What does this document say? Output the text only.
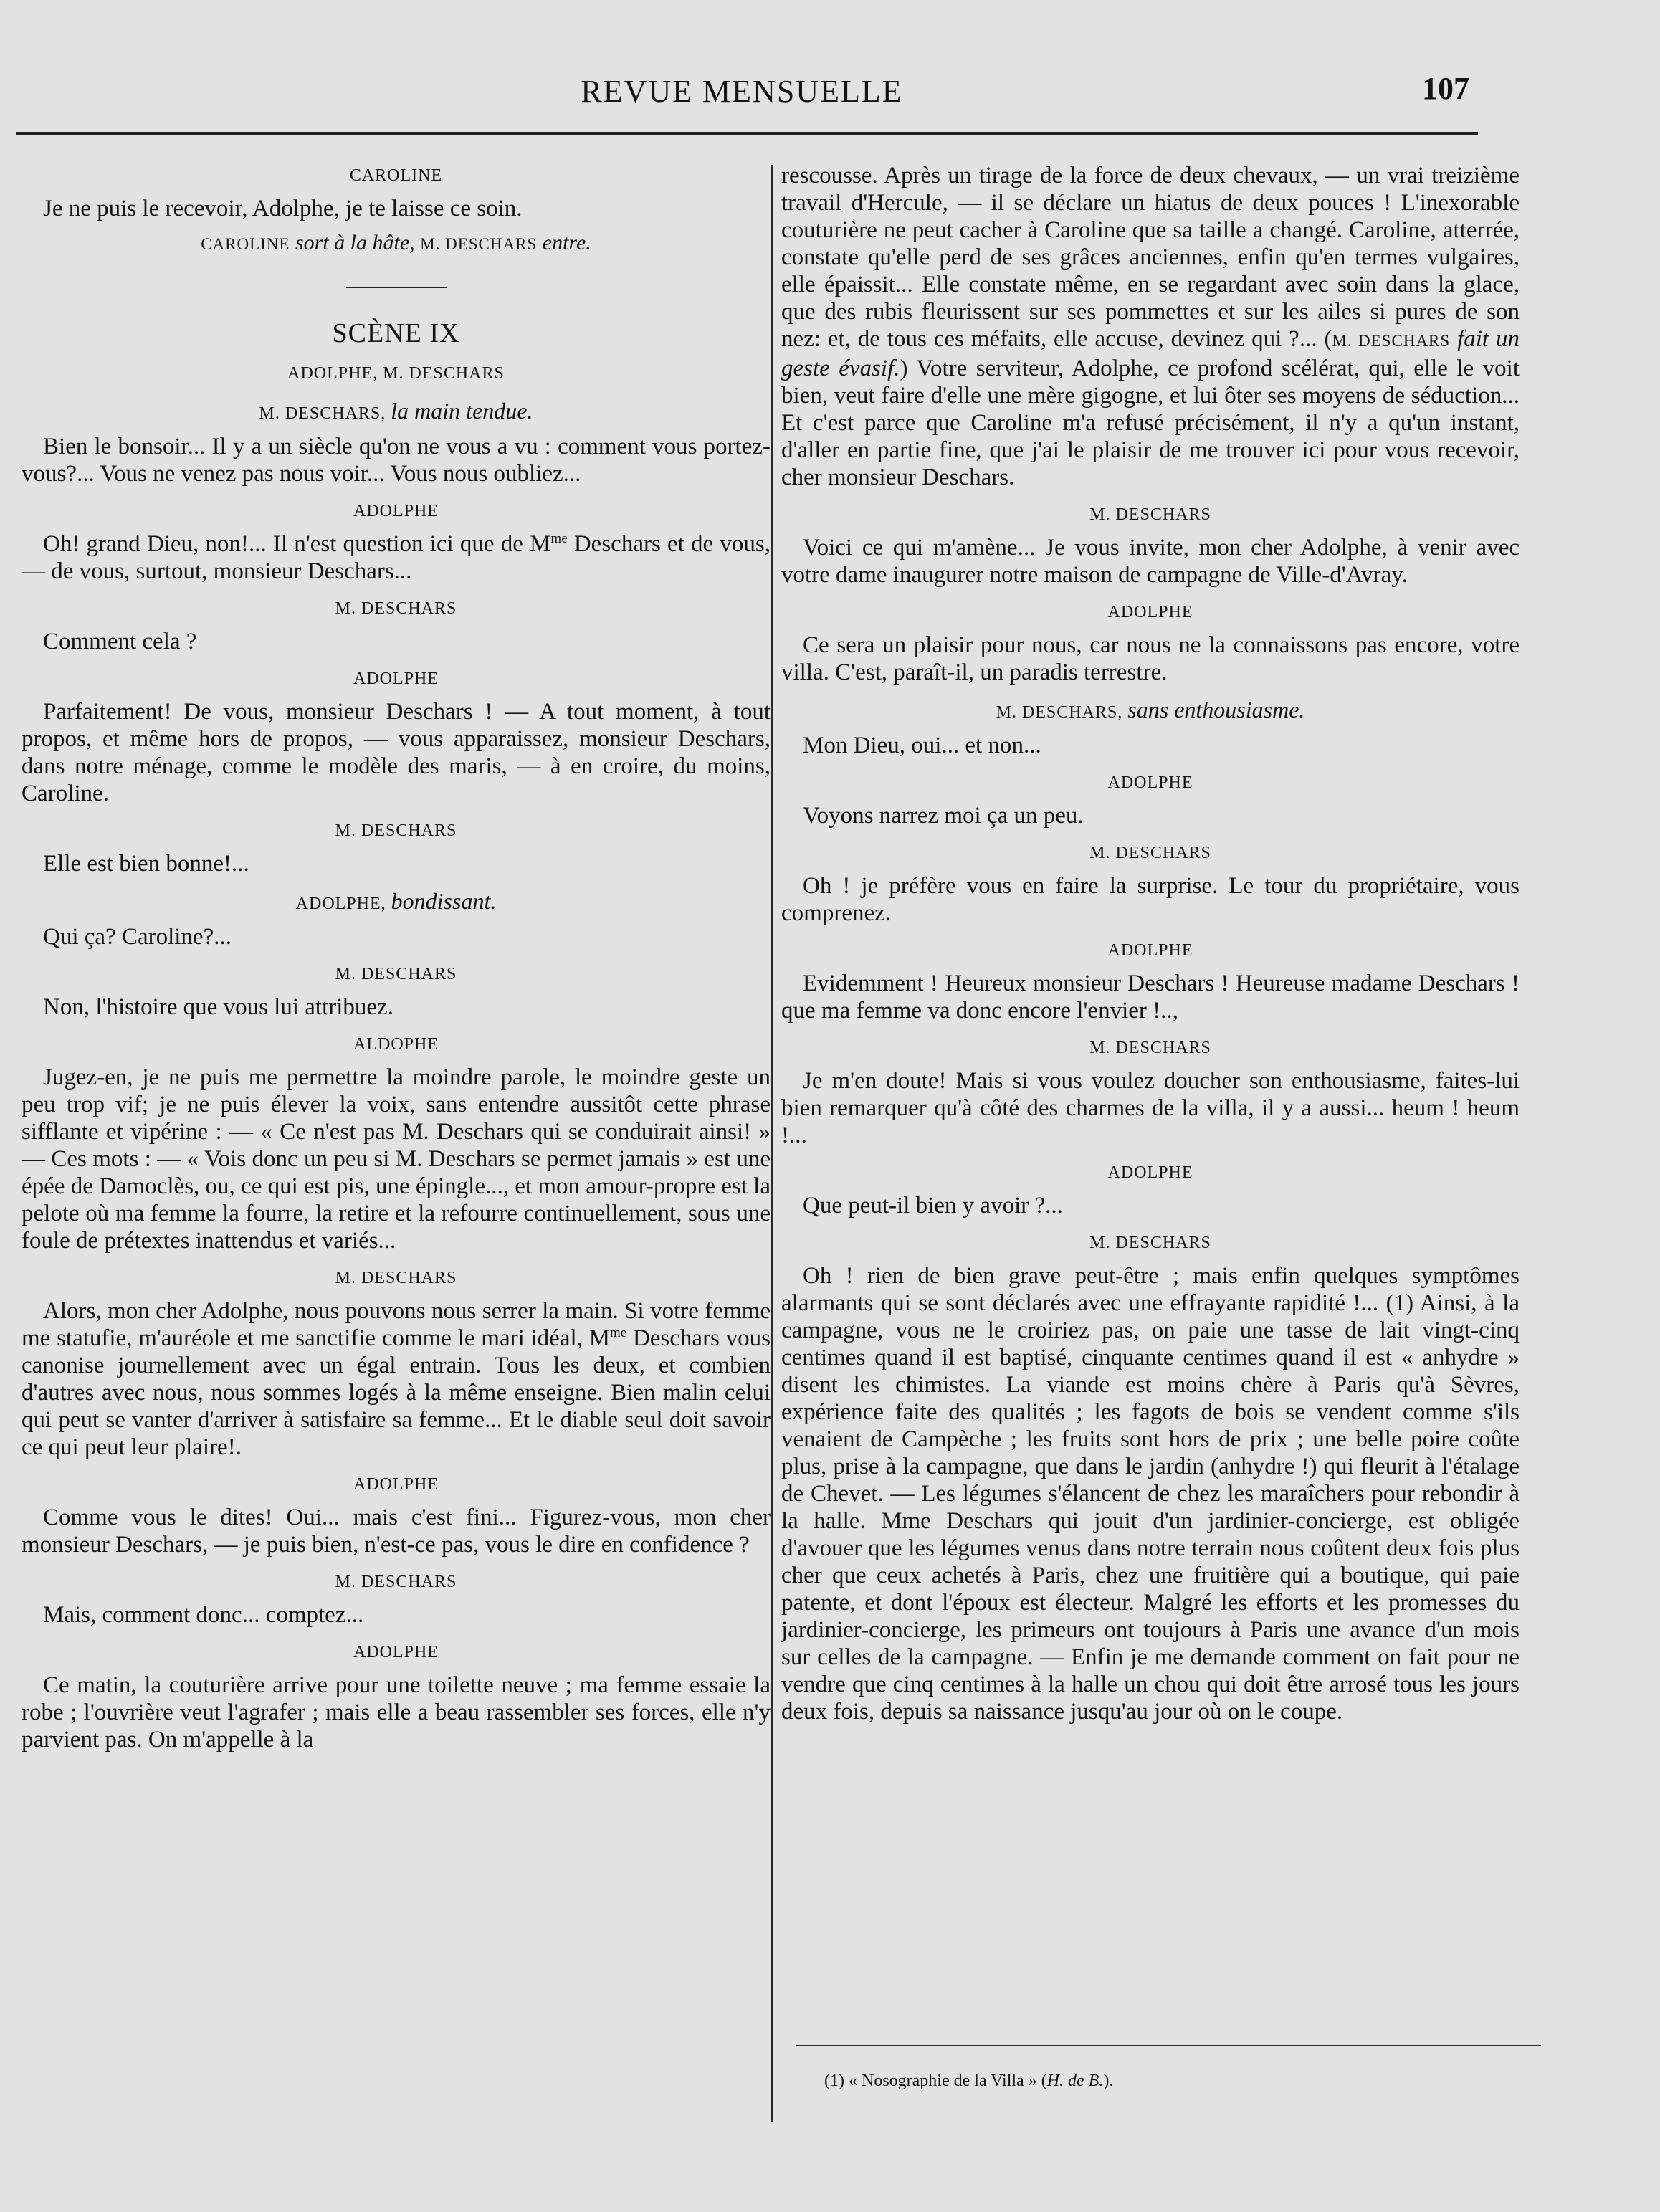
REVUE MENSUELLE	107
CAROLINE

Je ne puis le recevoir, Adolphe, je te laisse ce soin.

CAROLINE sort à la hâte, M. DESCHARS entre.
SCÈNE IX
ADOLPHE, M. DESCHARS
M. DESCHARS, la main tendue.

Bien le bonsoir... Il y a un siècle qu'on ne vous a vu : comment vous portez-vous?... Vous ne venez pas nous voir... Vous nous oubliez...

ADOLPHE

Oh! grand Dieu, non!... Il n'est question ici que de $M^{me}$ Deschars et de vous, — de vous, surtout, monsieur Deschars...

M. DESCHARS

Comment cela ?

ADOLPHE

Parfaitement! De vous, monsieur Deschars ! — A tout moment, à tout propos, et même hors de propos, — vous apparaissez, monsieur Deschars, dans notre ménage, comme le modèle des maris, — à en croire, du moins, Caroline.

M. DESCHARS

Elle est bien bonne!...

ADOLPHE, bondissant.

Qui ça? Caroline?...

M. DESCHARS

Non, l'histoire que vous lui attribuez.

ALDOPHE

Jugez-en, je ne puis me permettre la moindre parole, le moindre geste un peu trop vif; je ne puis élever la voix, sans entendre aussitôt cette phrase sifflante et vipérine : — « Ce n'est pas M. Deschars qui se conduirait ainsi! » — Ces mots : — « Vois donc un peu si M. Deschars se permet jamais » est une épée de Damoclès, ou, ce qui est pis, une épingle..., et mon amour-propre est la pelote où ma femme la fourre, la retire et la refourre continuellement, sous une foule de prétextes inattendus et variés...

M. DESCHARS

Alors, mon cher Adolphe, nous pouvons nous serrer la main. Si votre femme me statufie, m'auréole et me sanctifie comme le mari idéal, $M^{me}$ Deschars vous canonise journellement avec un égal entrain. Tous les deux, et combien d'autres avec nous, nous sommes logés à la même enseigne. Bien malin celui qui peut se vanter d'arriver à satisfaire sa femme... Et le diable seul doit savoir ce qui peut leur plaire!.

ADOLPHE

Comme vous le dites! Oui... mais c'est fini... Figurez-vous, mon cher monsieur Deschars, — je puis bien, n'est-ce pas, vous le dire en confidence ?

M. DESCHARS

Mais, comment donc... comptez...

ADOLPHE

Ce matin, la couturière arrive pour une toilette neuve ; ma femme essaie la robe ; l'ouvrière veut l'agrafer ; mais elle a beau rassembler ses forces, elle n'y parvient pas. On m'appelle à la

rescousse. Après un tirage de la force de deux chevaux, — un vrai treizième travail d'Hercule, — il se déclare un hiatus de deux pouces ! L'inexorable couturière ne peut cacher à Caroline que sa taille a changé. Caroline, atterrée, constate qu'elle perd de ses grâces anciennes, enfin qu'en termes vulgaires, elle épaissit... Elle constate même, en se regardant avec soin dans la glace, que des rubis fleurissent sur ses pommettes et sur les ailes si pures de son nez: et, de tous ces méfaits, elle accuse, devinez qui ?... (M. DESCHARS fait un geste évasif.) Votre serviteur, Adolphe, ce profond scélérat, qui, elle le voit bien, veut faire d'elle une mère gigogne, et lui ôter ses moyens de séduction... Et c'est parce que Caroline m'a refusé précisément, il n'y a qu'un instant, d'aller en partie fine, que j'ai le plaisir de me trouver ici pour vous recevoir, cher monsieur Deschars.

M. DESCHARS

Voici ce qui m'amène... Je vous invite, mon cher Adolphe, à venir avec votre dame inaugurer notre maison de campagne de Ville-d'Avray.

ADOLPHE

Ce sera un plaisir pour nous, car nous ne la connaissons pas encore, votre villa. C'est, paraît-il, un paradis terrestre.

M. DESCHARS, sans enthousiasme.

Mon Dieu, oui... et non...

ADOLPHE

Voyons narrez moi ça un peu.

M. DESCHARS

Oh ! je préfère vous en faire la surprise. Le tour du propriétaire, vous comprenez.

ADOLPHE

Evidemment ! Heureux monsieur Deschars ! Heureuse madame Deschars ! que ma femme va donc encore l'envier !..,

M. DESCHARS

Je m'en doute! Mais si vous voulez doucher son enthousiasme, faites-lui bien remarquer qu'à côté des charmes de la villa, il y a aussi... heum ! heum !...

ADOLPHE

Que peut-il bien y avoir ?...

M. DESCHARS

Oh ! rien de bien grave peut-être ; mais enfin quelques symptômes alarmants qui se sont déclarés avec une effrayante rapidité !... (1) Ainsi, à la campagne, vous ne le croiriez pas, on paie une tasse de lait vingt-cinq centimes quand il est baptisé, cinquante centimes quand il est « anhydre » disent les chimistes. La viande est moins chère à Paris qu'à Sèvres, expérience faite des qualités ; les fagots de bois se vendent comme s'ils venaient de Campèche ; les fruits sont hors de prix ; une belle poire coûte plus, prise à la campagne, que dans le jardin (anhydre !) qui fleurit à l'étalage de Chevet. — Les légumes s'élancent de chez les maraîchers pour rebondir à la halle. Mme Deschars qui jouit d'un jardinier-concierge, est obligée d'avouer que les légumes venus dans notre terrain nous coûtent deux fois plus cher que ceux achetés à Paris, chez une fruitière qui a boutique, qui paie patente, et dont l'époux est électeur. Malgré les efforts et les promesses du jardinier-concierge, les primeurs ont toujours à Paris une avance d'un mois sur celles de la campagne. — Enfin je me demande comment on fait pour ne vendre que cinq centimes à la halle un chou qui doit être arrosé tous les jours deux fois, depuis sa naissance jusqu'au jour où on le coupe.

(1) « Nosographie de la Villa » (H. de B.).
